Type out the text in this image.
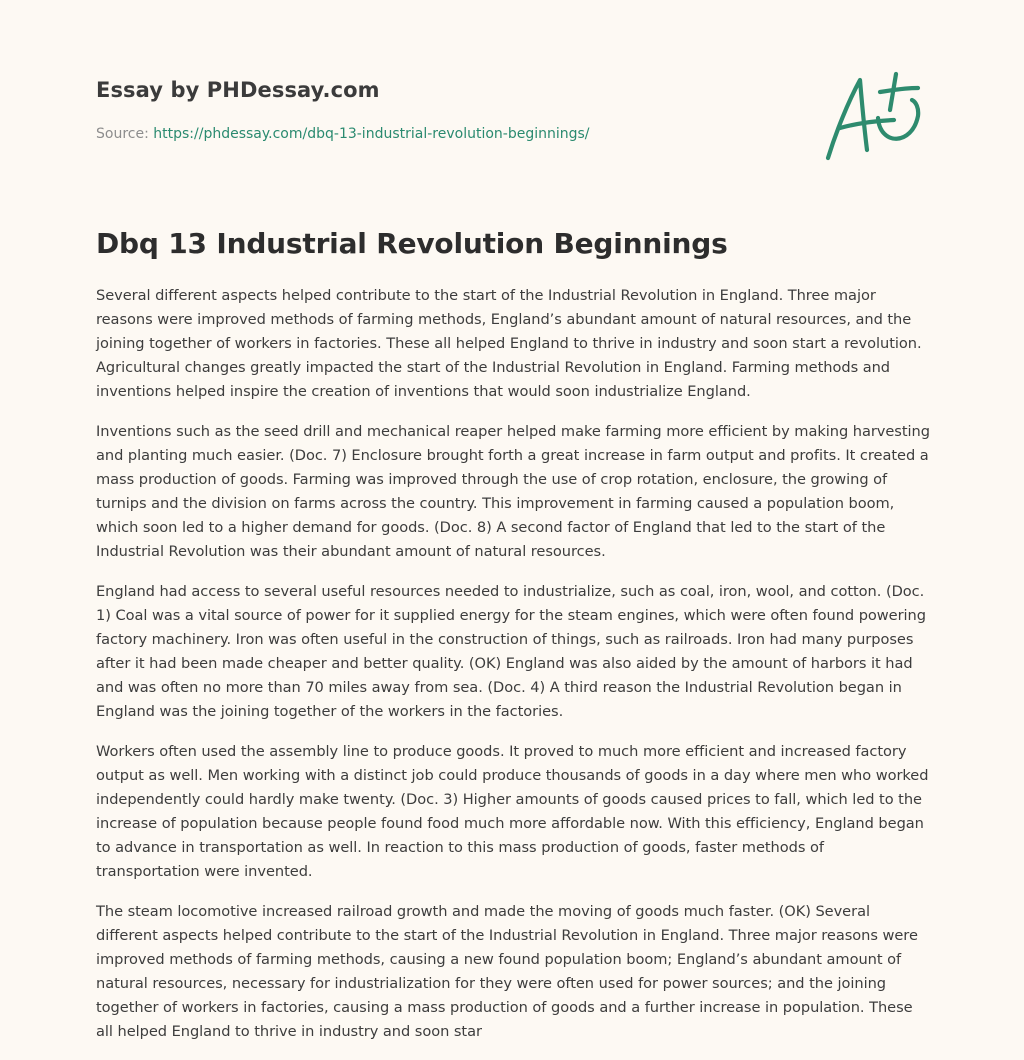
Essay by PHDessay.com

Source: https://phdessay.com/dbq-13-industrial-revolution-beginnings/
Dbq 13 Industrial Revolution Beginnings

Several different aspects helped contribute to the start of the Industrial Revolution in England. Three major reasons were improved methods of farming methods, England’s abundant amount of natural resources, and the joining together of workers in factories. These all helped England to thrive in industry and soon start a revolution. Agricultural changes greatly impacted the start of the Industrial Revolution in England. Farming methods and inventions helped inspire the creation of inventions that would soon industrialize England.

Inventions such as the seed drill and mechanical reaper helped make farming more efficient by making harvesting and planting much easier. (Doc. 7) Enclosure brought forth a great increase in farm output and profits. It created a mass production of goods. Farming was improved through the use of crop rotation, enclosure, the growing of turnips and the division on farms across the country. This improvement in farming caused a population boom, which soon led to a higher demand for goods. (Doc. 8) A second factor of England that led to the start of the Industrial Revolution was their abundant amount of natural resources.

England had access to several useful resources needed to industrialize, such as coal, iron, wool, and cotton. (Doc. 1) Coal was a vital source of power for it supplied energy for the steam engines, which were often found powering factory machinery. Iron was often useful in the construction of things, such as railroads. Iron had many purposes after it had been made cheaper and better quality. (OK) England was also aided by the amount of harbors it had and was often no more than 70 miles away from sea. (Doc. 4) A third reason the Industrial Revolution began in England was the joining together of the workers in the factories.

Workers often used the assembly line to produce goods. It proved to much more efficient and increased factory output as well. Men working with a distinct job could produce thousands of goods in a day where men who worked independently could hardly make twenty. (Doc. 3) Higher amounts of goods caused prices to fall, which led to the increase of population because people found food much more affordable now. With this efficiency, England began to advance in transportation as well. In reaction to this mass production of goods, faster methods of transportation were invented.

The steam locomotive increased railroad growth and made the moving of goods much faster. (OK) Several different aspects helped contribute to the start of the Industrial Revolution in England. Three major reasons were improved methods of farming methods, causing a new found population boom; England’s abundant amount of natural resources, necessary for industrialization for they were often used for power sources; and the joining together of workers in factories, causing a mass production of goods and a further increase in population. These all helped England to thrive in industry and soon star
